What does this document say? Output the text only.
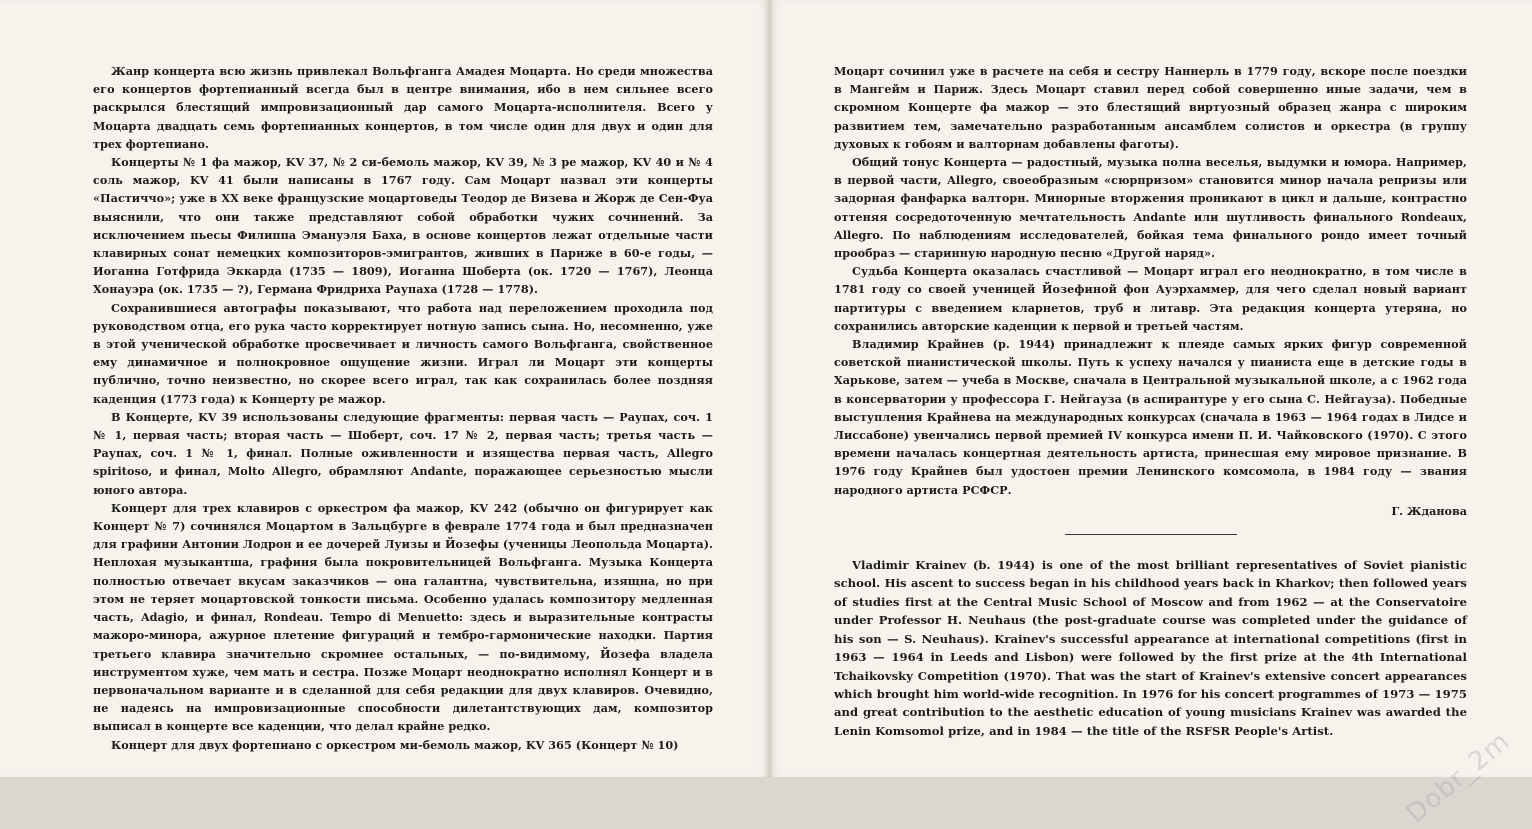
Жанр концерта всю жизнь привлекал Вольфганга Амадея Моцарта. Но среди множества его концертов фортепианный всегда был в центре внимания, ибо в нем сильнее всего раскрылся блестящий импровизационный дар самого Моцарта-исполнителя. Всего у Моцарта двадцать семь фортепианных концертов, в том числе один для двух и один для трех фортепиано.

Концерты № 1 фа мажор, KV 37, № 2 си-бемоль мажор, KV 39, № 3 ре мажор, KV 40 и № 4 соль мажор, KV 41 были написаны в 1767 году. Сам Моцарт назвал эти концерты «Пастиччо»; уже в XX веке французские моцартоведы Теодор де Визева и Жорж де Сен-Фуа выяснили, что они также представляют собой обработки чужих сочинений. За исключением пьесы Филиппа Эмануэля Баха, в основе концертов лежат отдельные части клавирных сонат немецких композиторов-эмигрантов, живших в Париже в 60-е годы, — Иоганна Готфрида Эккарда (1735 — 1809), Иоганна Шоберта (ок. 1720 — 1767), Леонца Хонауэра (ок. 1735 — ?), Германа Фридриха Раупаха (1728 — 1778).

Сохранившиеся автографы показывают, что работа над переложением проходила под руководством отца, его рука часто корректирует нотную запись сына. Но, несомненно, уже в этой ученической обработке просвечивает и личность самого Вольфганга, свойственное ему динамичное и полнокровное ощущение жизни. Играл ли Моцарт эти концерты публично, точно неизвестно, но скорее всего играл, так как сохранилась более поздняя каденция (1773 года) к Концерту ре мажор.

В Концерте, KV 39 использованы следующие фрагменты: первая часть — Раупах, соч. 1 № 1, первая часть; вторая часть — Шоберт, соч. 17 № 2, первая часть; третья часть — Раупах, соч. 1 № 1, финал. Полные оживленности и изящества первая часть, Allegro spiritoso, и финал, Molto Allegro, обрамляют Andante, поражающее серьезностью мысли юного автора.

Концерт для трех клавиров с оркестром фа мажор, KV 242 (обычно он фигурирует как Концерт № 7) сочинялся Моцартом в Зальцбурге в феврале 1774 года и был предназначен для графини Антонии Лодрон и ее дочерей Луизы и Йозефы (ученицы Леопольда Моцарта). Неплохая музыкантша, графиня была покровительницей Вольфганга. Музыка Концерта полностью отвечает вкусам заказчиков — она галантна, чувствительна, изящна, но при этом не теряет моцартовской тонкости письма. Особенно удалась композитору медленная часть, Adagio, и финал, Rondeau. Tempo di Menuetto: здесь и выразительные контрасты мажоро-минора, ажурное плетение фигураций и тембро-гармонические находки. Партия третьего клавира значительно скромнее остальных, — по-видимому, Йозефа владела инструментом хуже, чем мать и сестра. Позже Моцарт неоднократно исполнял Концерт и в первоначальном варианте и в сделанной для себя редакции для двух клавиров. Очевидно, не надеясь на импровизационные способности дилетантствующих дам, композитор выписал в концерте все каденции, что делал крайне редко.

Концерт для двух фортепиано с оркестром ми-бемоль мажор, KV 365 (Концерт № 10)

Моцарт сочинил уже в расчете на себя и сестру Наннерль в 1779 году, вскоре после поездки в Мангейм и Париж. Здесь Моцарт ставил перед собой совершенно иные задачи, чем в скромном Концерте фа мажор — это блестящий виртуозный образец жанра с широким развитием тем, замечательно разработанным ансамблем солистов и оркестра (в группу духовых к гобоям и валторнам добавлены фаготы).

Общий тонус Концерта — радостный, музыка полна веселья, выдумки и юмора. Например, в первой части, Allegro, своеобразным «сюрпризом» становится минор начала репризы или задорная фанфарка валторн. Минорные вторжения проникают в цикл и дальше, контрастно оттеняя сосредоточенную мечтательность Andante или шутливость финального Rondeaux, Allegro. По наблюдениям исследователей, бойкая тема финального рондо имеет точный прообраз — старинную народную песню «Другой наряд».

Судьба Концерта оказалась счастливой — Моцарт играл его неоднократно, в том числе в 1781 году со своей ученицей Йозефиной фон Ауэрхаммер, для чего сделал новый вариант партитуры с введением кларнетов, труб и литавр. Эта редакция концерта утеряна, но сохранились авторские каденции к первой и третьей частям.

Владимир Крайнев (р. 1944) принадлежит к плеяде самых ярких фигур современной советской пианистической школы. Путь к успеху начался у пианиста еще в детские годы в Харькове, затем — учеба в Москве, сначала в Центральной музыкальной школе, а с 1962 года в консерватории у профессора Г. Нейгауза (в аспирантуре у его сына С. Нейгауза). Победные выступления Крайнева на международных конкурсах (сначала в 1963 — 1964 годах в Лидсе и Лиссабоне) увенчались первой премией IV конкурса имени П. И. Чайковского (1970). С этого времени началась концертная деятельность артиста, принесшая ему мировое признание. В 1976 году Крайнев был удостоен премии Ленинского комсомола, в 1984 году — звания народного артиста РСФСР.

Г. Жданова

Vladimir Krainev (b. 1944) is one of the most brilliant representatives of Soviet pianistic school. His ascent to success began in his childhood years back in Kharkov; then followed years of studies first at the Central Music School of Moscow and from 1962 — at the Conservatoire under Professor H. Neuhaus (the post-graduate course was completed under the guidance of his son — S. Neuhaus). Krainev's successful appearance at international competitions (first in 1963 — 1964 in Leeds and Lisbon) were followed by the first prize at the 4th International Tchaikovsky Competition (1970). That was the start of Krainev's extensive concert appearances which brought him world-wide recognition. In 1976 for his concert programmes of 1973 — 1975 and great contribution to the aesthetic education of young musicians Krainev was awarded the Lenin Komsomol prize, and in 1984 — the title of the RSFSR People's Artist.	Dobr_2m
